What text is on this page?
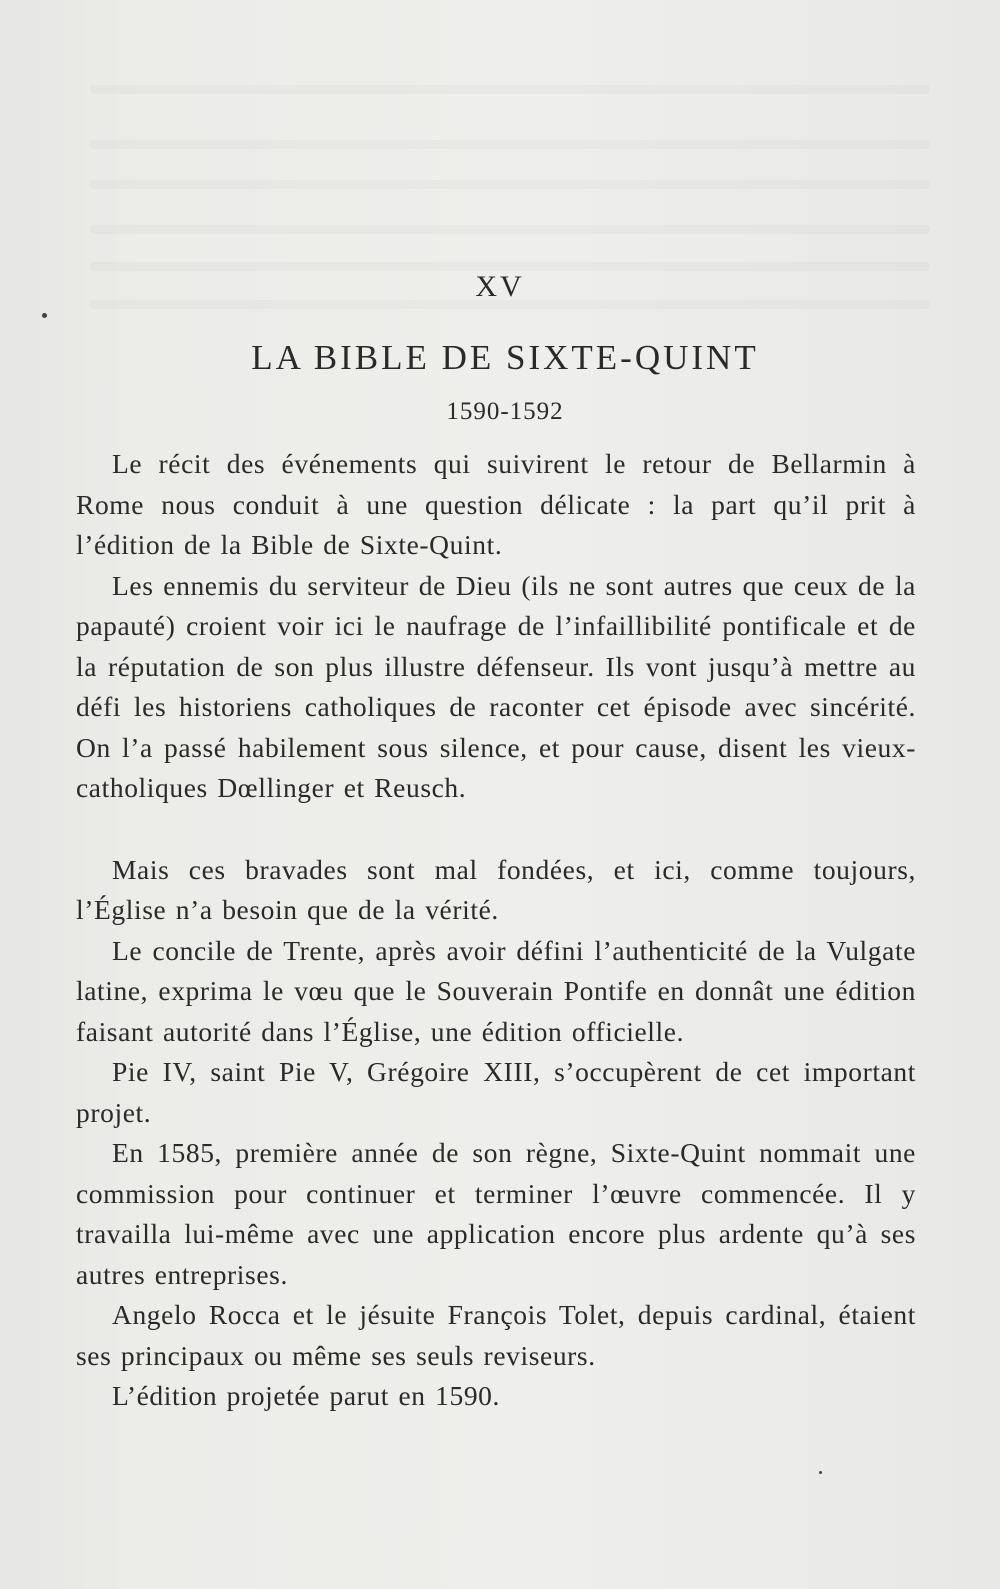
XV
LA BIBLE DE SIXTE-QUINT
1590-1592

Le récit des événements qui suivirent le retour de Bellarmin à Rome nous conduit à une question délicate : la part qu’il prit à l’édition de la Bible de Sixte-Quint.

Les ennemis du serviteur de Dieu (ils ne sont autres que ceux de la papauté) croient voir ici le naufrage de l’infaillibilité pontificale et de la réputation de son plus illustre défenseur. Ils vont jusqu’à mettre au défi les historiens catholiques de raconter cet épisode avec sincérité. On l’a passé habilement sous silence, et pour cause, disent les vieux-catholiques Dœllinger et Reusch.

Mais ces bravades sont mal fondées, et ici, comme toujours, l’Église n’a besoin que de la vérité.

Le concile de Trente, après avoir défini l’authenticité de la Vulgate latine, exprima le vœu que le Souverain Pontife en donnât une édition faisant autorité dans l’Église, une édition officielle.

Pie IV, saint Pie V, Grégoire XIII, s’occupèrent de cet important projet.

En 1585, première année de son règne, Sixte-Quint nommait une commission pour continuer et terminer l’œuvre commencée. Il y travailla lui-même avec une application encore plus ardente qu’à ses autres entreprises.

Angelo Rocca et le jésuite François Tolet, depuis cardinal, étaient ses principaux ou même ses seuls reviseurs.

L’édition projetée parut en 1590.
